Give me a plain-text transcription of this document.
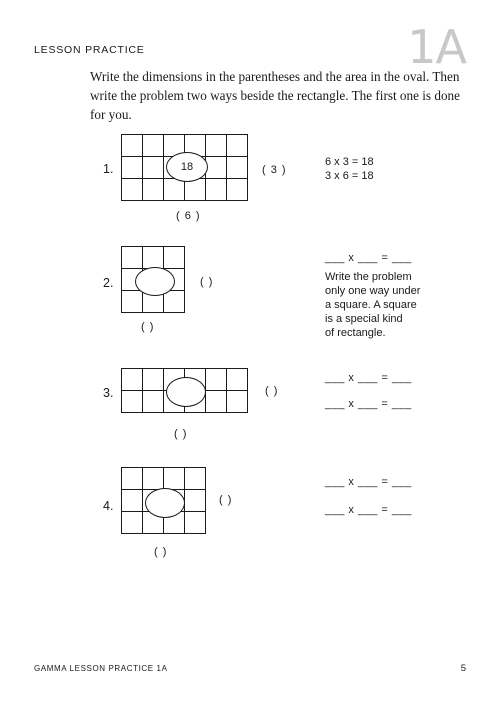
LESSON PRACTICE	1A
Write the dimensions in the parentheses and the area in the oval. Then write the problem two ways beside the rectangle. The first one is done for you.
1.

						18	( 3 )
( 6 )
6 x 3 = 18
3 x 6 = 18
2.

			( )
( )
___ x ___ = ___
Write the problem
only one way under
a square. A square
is a special kind
of rectangle.
3.

						( )
( )
___ x ___ = ___
___ x ___ = ___
4.

				( )
( )
___ x ___ = ___
___ x ___ = ___
GAMMA LESSON PRACTICE 1A	5
